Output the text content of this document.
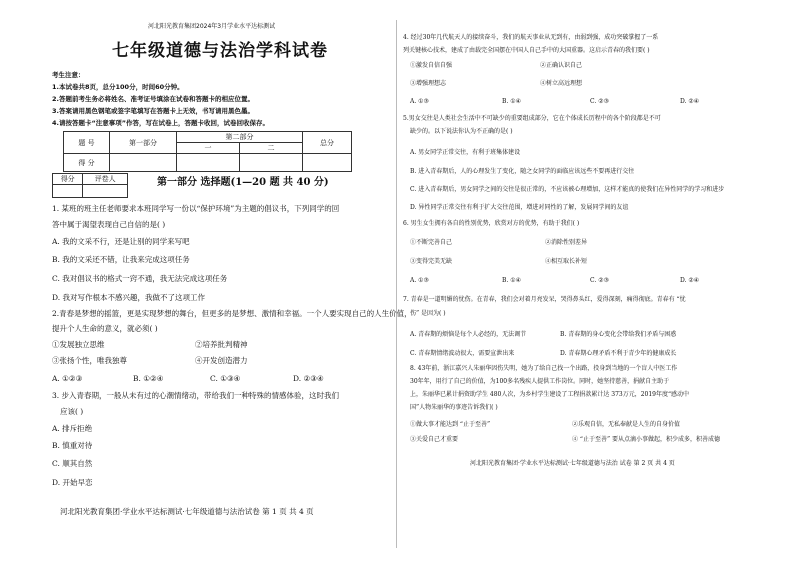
河北阳光教育集团2024年3月学业水平达标测试
七年级道德与法治学科试卷
考生注意：
1.本试卷共8页，总分100分，时间60分钟。
2.答题前考生务必将姓名、准考证号填涂在试卷和答题卡的相应位置。
3.答案请用黑色钢笔或签字笔填写在答题卡上无效，书写请用黑色墨。
4.请按答题卡“注意事项”作答，写在试卷上，答题卡收回，试卷回收保存。
题 号	第一部分	第二部分		总分
		一	二	
得 分				
得分	评卷人
		第一部分 选择题(1—20 题 共 40 分)
1. 某班的班主任老师要求本班同学写一份以“保护环境”为主题的倡议书，下列同学的回
答中属于渴望表现自己自信的是( )
A. 我的文采不行，还是让别的同学来写吧
B. 我的文采还不错，让我来完成这项任务
C. 我对倡议书的格式一窍不通，我无法完成这项任务
D. 我对写作根本不感兴趣，我做不了这项工作
2.青春是梦想的摇篮，更是实现梦想的舞台，但更多的是梦想、激情和幸福。一个人要实现自己的人生价值，
提升个人生命的意义，就必须( )
①发展独立思维	②培养批判精神
③张扬个性，唯我独尊	④开发创造潜力
A. ①②③	B. ①②④	C. ①③④	D. ②③④
3. 步入青春期，一般从未有过的心潮情绪动，带给我们一种特殊的情感体验，这时我们
应该( )
A. 排斥拒绝
B. 慎重对待
C. 顺其自然
D. 开始早恋
河北阳光教育集团·学业水平达标测试·七年级道德与法治试卷 第 1 页 共 4 页
4. 经过30年几代航天人的接续奋斗，我们的航天事业从无到有，由弱到强，成功突破掌握了一系
列关键核心技术，建成了由载完全国摆在中国人自己手中的大国重器。这启示青春的我们要( )
①激发自信自强	②正确认识自己
③增强理想志	④树立高远理想
A. ①③	B. ①④	C. ②③	D. ②④
5.男女交往是人类社会生活中不可缺少的重要组成部分，它在个体成长历程中的各个阶段都是不可
缺少的。以下说法你认为不正确的是( )
A. 男女同学正常交往，有利于班集体建设
B. 进入青春期后，人的心理发生了变化，随之女同学的面临应该远些不要再进行交往
C. 进入青春期后，男女同学之间的交往是很正常的，不应该被心理增加，这样才能真的使我们在异性同学的学习和进步
D. 异性同学正常交往有利于扩大交往范围，增进对同性的了解，发展同学间的友谊
6. 男生女生拥有各自的性别优势，欣赏对方的优势，有助于我们( )
①不断完善自己	②消除性别差异
③变得完美无缺	④相互取长补短
A. ①③	B. ①④	C. ②③	D. ②④
7. 青春是一道明媚的忧伤。在青春，我们会对着月亮发呆，哭得鼻头红，爱得深刻，痛得彻底。青春有 “忧
伤” 是因为( )
A. 青春期的烦恼是每个人必经的，无法调节	B. 青春期的身心变化会带给我们矛盾与困惑
C. 青春期情绪波动很大，需要宣泄出来	D. 青春期心理矛盾不利于青少年的健康成长
8. 43年前，浙江嘉兴人朱丽华因伤失明，她为了给自己找一个出路，投身到当地的一个盲人中医工作
30年年，用行了自己的价值，为100多名残疾人提供工作岗位。同时，她坚持慈善，捐献自主助于
上，朱丽华已累计捐资助学生 480人次，为乡村学生建设了工程捐款累计达 373万元，2019年度“感动中
国”人物朱丽华的事迹告诉我们( )
①做大事才能达到 “止于至善”	②乐观自信，无私奉献是人生的自身价值
③关爱自己才重要	④ “止于至善” 要从点滴小事做起，积少成多，积善成德
河北阳光教育集团·学业水平达标测试·七年级道德与法治 试卷 第 2 页 共 4 页
